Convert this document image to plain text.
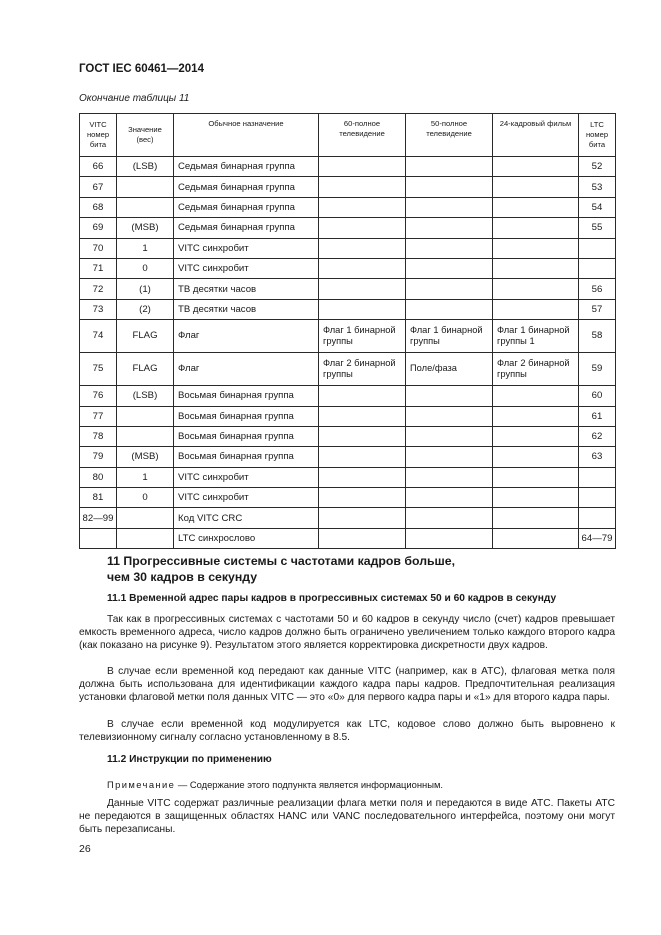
ГОСТ IEC 60461—2014
Окончание таблицы 11
VITC номер бита	Значение (вес)	Обычное назначение	60-полное телевидение	50-полное телевидение	24-кадровый фильм	LTC номер бита
66	(LSB)	Седьмая бинарная группа				52
67		Седьмая бинарная группа				53
68		Седьмая бинарная группа				54
69	(MSB)	Седьмая бинарная группа				55
70	1	VITC синхробит				
71	0	VITC синхробит				
72	(1)	ТВ десятки часов				56
73	(2)	ТВ десятки часов				57
74	FLAG	Флаг	Флаг 1 бинарной группы	Флаг 1 бинарной группы	Флаг 1 бинарной группы 1	58
75	FLAG	Флаг	Флаг 2 бинарной группы	Поле/фаза	Флаг 2 бинарной группы	59
76	(LSB)	Восьмая бинарная группа				60
77		Восьмая бинарная группа				61
78		Восьмая бинарная группа				62
79	(MSB)	Восьмая бинарная группа				63
80	1	VITC синхробит				
81	0	VITC синхробит				
82—99		Код VITC CRC				
		LTC синхрослово				64—79
11 Прогрессивные системы с частотами кадров больше,
чем 30 кадров в секунду
11.1 Временной адрес пары кадров в прогрессивных системах 50 и 60 кадров в секунду
Так как в прогрессивных системах с частотами 50 и 60 кадров в секунду число (счет) кадров превышает емкость временного адреса, число кадров должно быть ограничено увеличением только каждого второго кадра (как показано на рисунке 9). Результатом этого является корректировка дискретности двух кадров.
В случае если временной код передают как данные VITC (например, как в АТС), флаговая метка поля должна быть использована для идентификации каждого кадра пары кадров. Предпочтительная реализация установки флаговой метки поля данных VITC — это «0» для первого кадра пары и «1» для второго кадра пары.
В случае если временной код модулируется как LTC, кодовое слово должно быть выровнено к телевизионному сигналу согласно установленному в 8.5.
11.2 Инструкции по применению
Примечание — Содержание этого подпункта является информационным.
Данные VITC содержат различные реализации флага метки поля и передаются в виде АТС. Пакеты АТС не передаются в защищенных областях HANC или VANC последовательного интерфейса, поэтому они могут быть перезаписаны.
26
